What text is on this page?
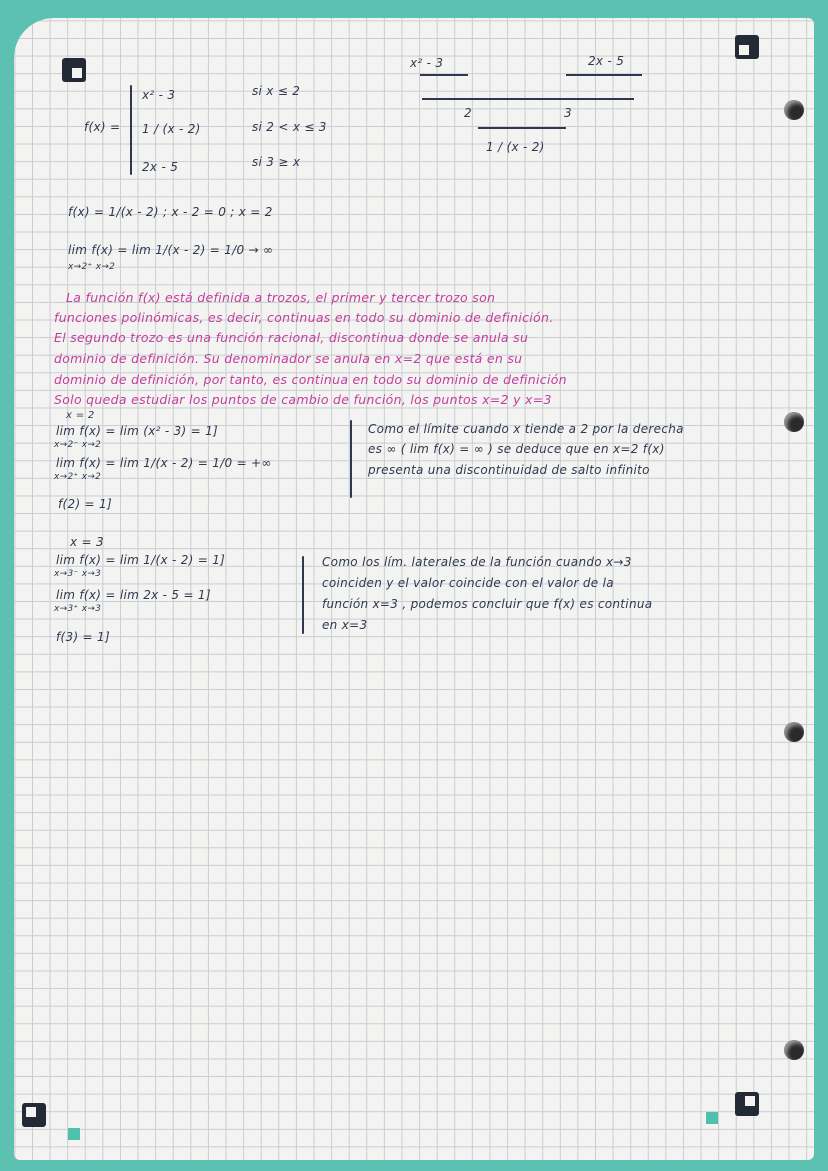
f(x) =
x² - 3	si x ≤ 2
1 / (x - 2)	si 2 < x ≤ 3
2x - 5	si 3 ≥ x
x² - 3	2x - 5
2	3
1 / (x - 2)
f(x) = 1/(x - 2) ; x - 2 = 0 ; x = 2
lim f(x) = lim 1/(x - 2) = 1/0 → ∞
x→2⁺ x→2
La función f(x) está definida a trozos, el primer y tercer trozo son
funciones polinómicas, es decir, continuas en todo su dominio de definición.
El segundo trozo es una función racional, discontinua donde se anula su
dominio de definición. Su denominador se anula en x=2 que está en su
dominio de definición, por tanto, es continua en todo su dominio de definición
Solo queda estudiar los puntos de cambio de función, los puntos x=2 y x=3
x = 2
lim f(x) = lim (x² - 3) = 1]
x→2⁻ x→2
lim f(x) = lim 1/(x - 2) = 1/0 = +∞
x→2⁺ x→2
f(2) = 1]
Como el límite cuando x tiende a 2 por la derecha
es ∞ ( lim f(x) = ∞ ) se deduce que en x=2 f(x)
presenta una discontinuidad de salto infinito
x = 3
lim f(x) = lim 1/(x - 2) = 1]
x→3⁻ x→3
lim f(x) = lim 2x - 5 = 1]
x→3⁺ x→3
f(3) = 1]
Como los lím. laterales de la función cuando x→3
coinciden y el valor coincide con el valor de la
función x=3 , podemos concluir que f(x) es continua
en x=3
